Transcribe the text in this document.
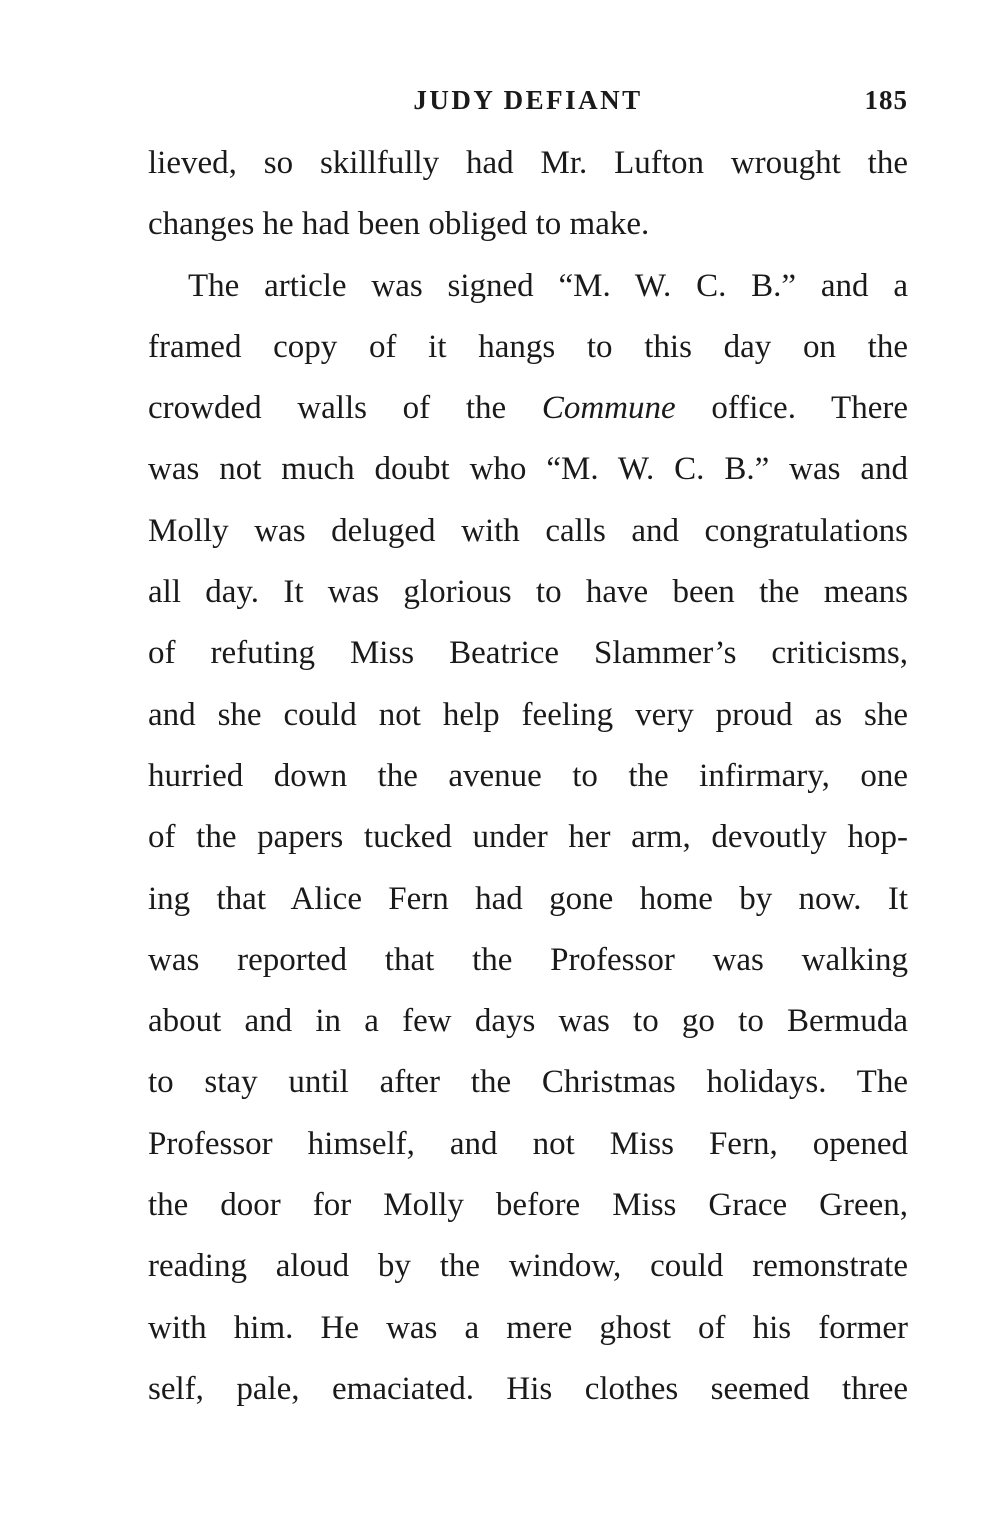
JUDY DEFIANT	185
lieved, so skillfully had Mr. Lufton wrought the
changes he had been obliged to make.
The article was signed “M. W. C. B.” and a
framed copy of it hangs to this day on the
crowded walls of the Commune office. There
was not much doubt who “M. W. C. B.” was and
Molly was deluged with calls and congratulations
all day. It was glorious to have been the means
of refuting Miss Beatrice Slammer’s criticisms,
and she could not help feeling very proud as she
hurried down the avenue to the infirmary, one
of the papers tucked under her arm, devoutly hop-
ing that Alice Fern had gone home by now. It
was reported that the Professor was walking
about and in a few days was to go to Bermuda
to stay until after the Christmas holidays. The
Professor himself, and not Miss Fern, opened
the door for Molly before Miss Grace Green,
reading aloud by the window, could remonstrate
with him. He was a mere ghost of his former
self, pale, emaciated. His clothes seemed three
